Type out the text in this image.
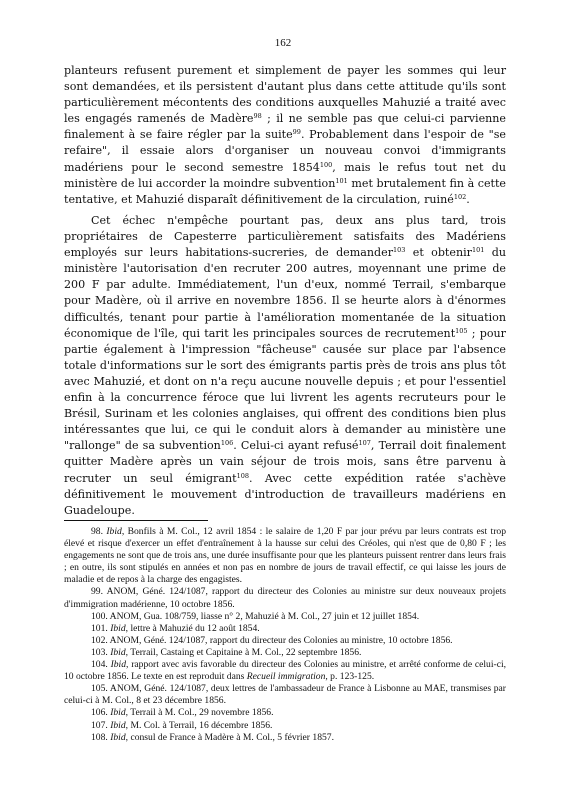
162

planteurs refusent purement et simplement de payer les sommes qui leur sont demandées, et ils persistent d'autant plus dans cette attitude qu'ils sont particulièrement mécontents des conditions auxquelles Mahuzié a traité avec les engagés ramenés de Madère$^{98}$ ; il ne semble pas que celui-ci parvienne finalement à se faire régler par la suite$^{99}$. Probablement dans l'espoir de "se refaire", il essaie alors d'organiser un nouveau convoi d'immigrants madériens pour le second semestre 1854$^{100}$, mais le refus tout net du ministère de lui accorder la moindre subvention$^{101}$ met brutalement fin à cette tentative, et Mahuzié disparaît définitivement de la circulation, ruiné$^{102}$.

Cet échec n'empêche pourtant pas, deux ans plus tard, trois propriétaires de Capesterre particulièrement satisfaits des Madériens employés sur leurs habitations-sucreries, de demander$^{103}$ et obtenir$^{101}$ du ministère l'autorisation d'en recruter 200 autres, moyennant une prime de 200 F par adulte. Immédiatement, l'un d'eux, nommé Terrail, s'embarque pour Madère, où il arrive en novembre 1856. Il se heurte alors à d'énormes difficultés, tenant pour partie à l'amélioration momentanée de la situation économique de l'île, qui tarit les principales sources de recrutement$^{105}$ ; pour partie également à l'impression "fâcheuse" causée sur place par l'absence totale d'informations sur le sort des émigrants partis près de trois ans plus tôt avec Mahuzié, et dont on n'a reçu aucune nouvelle depuis ; et pour l'essentiel enfin à la concurrence féroce que lui livrent les agents recruteurs pour le Brésil, Surinam et les colonies anglaises, qui offrent des conditions bien plus intéressantes que lui, ce qui le conduit alors à demander au ministère une "rallonge" de sa subvention$^{106}$. Celui-ci ayant refusé$^{107}$, Terrail doit finalement quitter Madère après un vain séjour de trois mois, sans être parvenu à recruter un seul émigrant$^{108}$. Avec cette expédition ratée s'achève définitivement le mouvement d'introduction de travailleurs madériens en Guadeloupe.

98. Ibid, Bonfils à M. Col., 12 avril 1854 : le salaire de 1,20 F par jour prévu par leurs contrats est trop élevé et risque d'exercer un effet d'entraînement à la hausse sur celui des Créoles, qui n'est que de 0,80 F ; les engagements ne sont que de trois ans, une durée insuffisante pour que les planteurs puissent rentrer dans leurs frais ; en outre, ils sont stipulés en années et non pas en nombre de jours de travail effectif, ce qui laisse les jours de maladie et de repos à la charge des engagistes.

99. ANOM, Géné. 124/1087, rapport du directeur des Colonies au ministre sur deux nouveaux projets d'immigration madérienne, 10 octobre 1856.

100. ANOM, Gua. 108/759, liasse n° 2, Mahuzié à M. Col., 27 juin et 12 juillet 1854.

101. Ibid, lettre à Mahuzié du 12 août 1854.

102. ANOM, Géné. 124/1087, rapport du directeur des Colonies au ministre, 10 octobre 1856.

103. Ibid, Terrail, Castaing et Capitaine à M. Col., 22 septembre 1856.

104. Ibid, rapport avec avis favorable du directeur des Colonies au ministre, et arrêté conforme de celui-ci, 10 octobre 1856. Le texte en est reproduit dans Recueil immigration, p. 123-125.

105. ANOM, Géné. 124/1087, deux lettres de l'ambassadeur de France à Lisbonne au MAE, transmises par celui-ci à M. Col., 8 et 23 décembre 1856.

106. Ibid, Terrail à M. Col., 29 novembre 1856.

107. Ibid, M. Col. à Terrail, 16 décembre 1856.

108. Ibid, consul de France à Madère à M. Col., 5 février 1857.
